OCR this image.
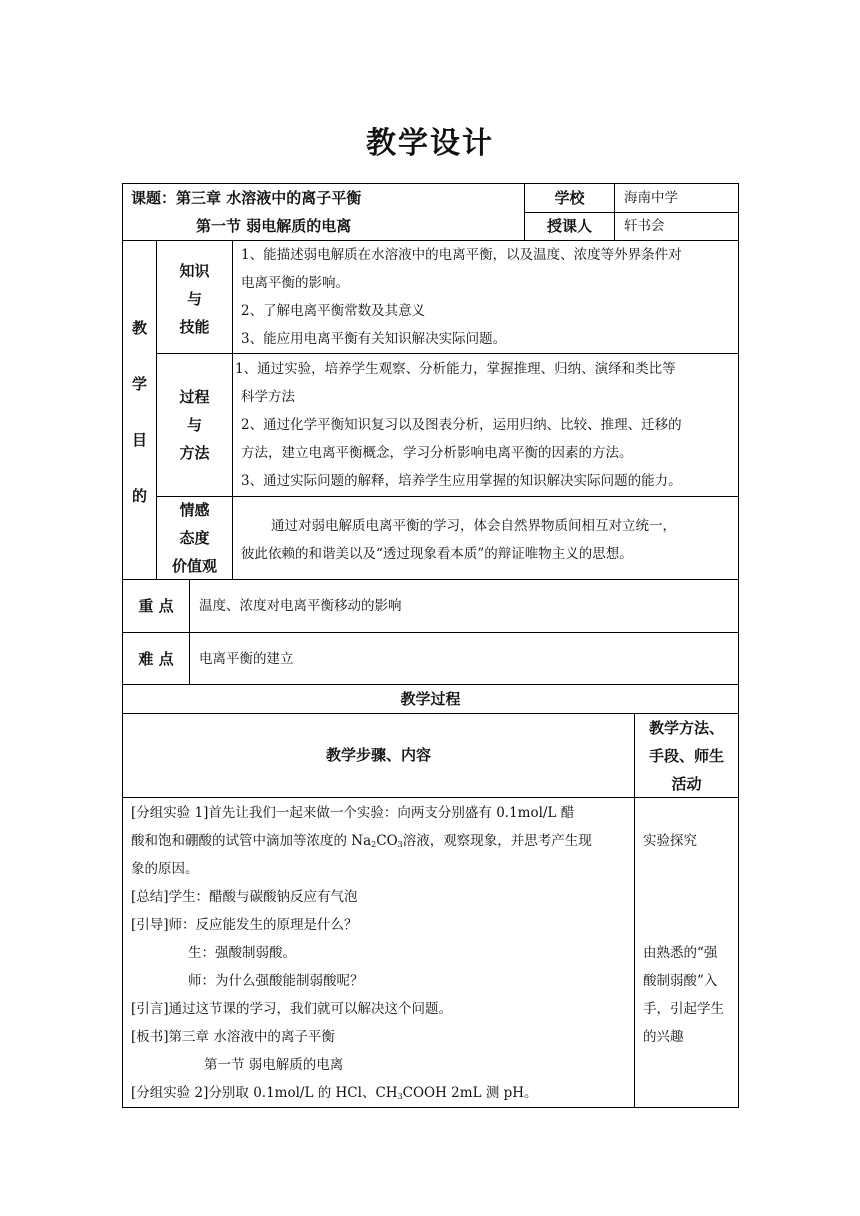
教学设计
课题：第三章 水溶液中的离子平衡
第一节 弱电解质的电离
学校
授课人
海南中学
轩书会
教
学
目
的
知识
与
技能
1、能描述弱电解质在水溶液中的电离平衡，以及温度、浓度等外界条件对
电离平衡的影响。
2、了解电离平衡常数及其意义
3、能应用电离平衡有关知识解决实际问题。
过程
与
方法
1、通过实验，培养学生观察、分析能力，掌握推理、归纳、演绎和类比等
科学方法
2、通过化学平衡知识复习以及图表分析，运用归纳、比较、推理、迁移的
方法，建立电离平衡概念，学习分析影响电离平衡的因素的方法。
3、通过实际问题的解释，培养学生应用掌握的知识解决实际问题的能力。
情感
态度
价值观
通过对弱电解质电离平衡的学习，体会自然界物质间相互对立统一，
彼此依赖的和谐美以及“透过现象看本质”的辩证唯物主义的思想。
重 点	温度、浓度对电离平衡移动的影响
难 点	电离平衡的建立
教学过程
教学步骤、内容
教学方法、
手段、师生
活动
[分组实验 1]首先让我们一起来做一个实验：向两支分别盛有 0.1mol/L 醋
酸和饱和硼酸的试管中滴加等浓度的 $Na_2CO_3$溶液，观察现象，并思考产生现
象的原因。
[总结]学生：醋酸与碳酸钠反应有气泡
[引导]师：反应能发生的原理是什么？
生：强酸制弱酸。
师：为什么强酸能制弱酸呢？
[引言]通过这节课的学习，我们就可以解决这个问题。
[板书]第三章 水溶液中的离子平衡
第一节 弱电解质的电离
[分组实验 2]分别取 0.1mol/L 的 HCl、$CH_3COOH$ 2mL 测 pH。
实验探究
由熟悉的“强
酸制弱酸”入
手，引起学生
的兴趣
